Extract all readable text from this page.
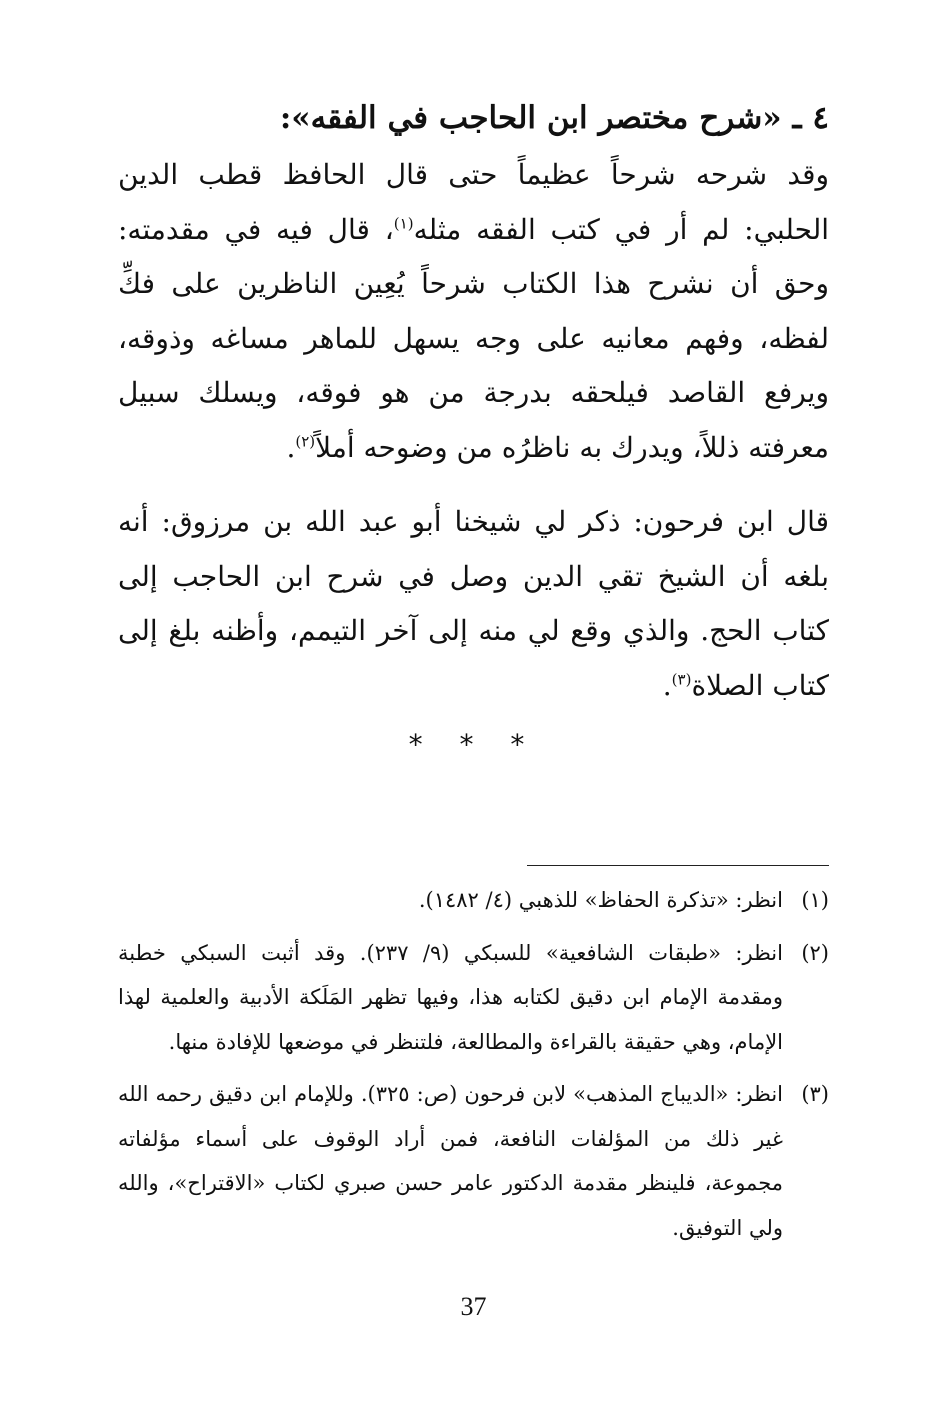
٤ ـ «شرح مختصر ابن الحاجب في الفقه»:

وقد شرحه شرحاً عظيماً حتى قال الحافظ قطب الدين الحلبي: لم أر في كتب الفقه مثله$^{(١)}$، قال فيه في مقدمته: وحق أن نشرح هذا الكتاب شرحاً يُعِين الناظرين على فكِّ لفظه، وفهم معانيه على وجه يسهل للماهر مساغه وذوقه، ويرفع القاصد فيلحقه بدرجة من هو فوقه، ويسلك سبيل معرفته ذللاً، ويدرك به ناظرُه من وضوحه أملاً$^{(٢)}$.

قال ابن فرحون: ذكر لي شيخنا أبو عبد الله بن مرزوق: أنه بلغه أن الشيخ تقي الدين وصل في شرح ابن الحاجب إلى كتاب الحج. والذي وقع لي منه إلى آخر التيمم، وأظنه بلغ إلى كتاب الصلاة$^{(٣)}$.

* * *
(١)
انظر: «تذكرة الحفاظ» للذهبي (٤/ ١٤٨٢).
(٢)
انظر: «طبقات الشافعية» للسبكي (٩/ ٢٣٧). وقد أثبت السبكي خطبة ومقدمة الإمام ابن دقيق لكتابه هذا، وفيها تظهر المَلَكة الأدبية والعلمية لهذا الإمام، وهي حقيقة بالقراءة والمطالعة، فلتنظر في موضعها للإفادة منها.
(٣)
انظر: «الديباج المذهب» لابن فرحون (ص: ٣٢٥). وللإمام ابن دقيق رحمه الله غير ذلك من المؤلفات النافعة، فمن أراد الوقوف على أسماء مؤلفاته مجموعة، فلينظر مقدمة الدكتور عامر حسن صبري لكتاب «الاقتراح»، والله ولي التوفيق.
37
